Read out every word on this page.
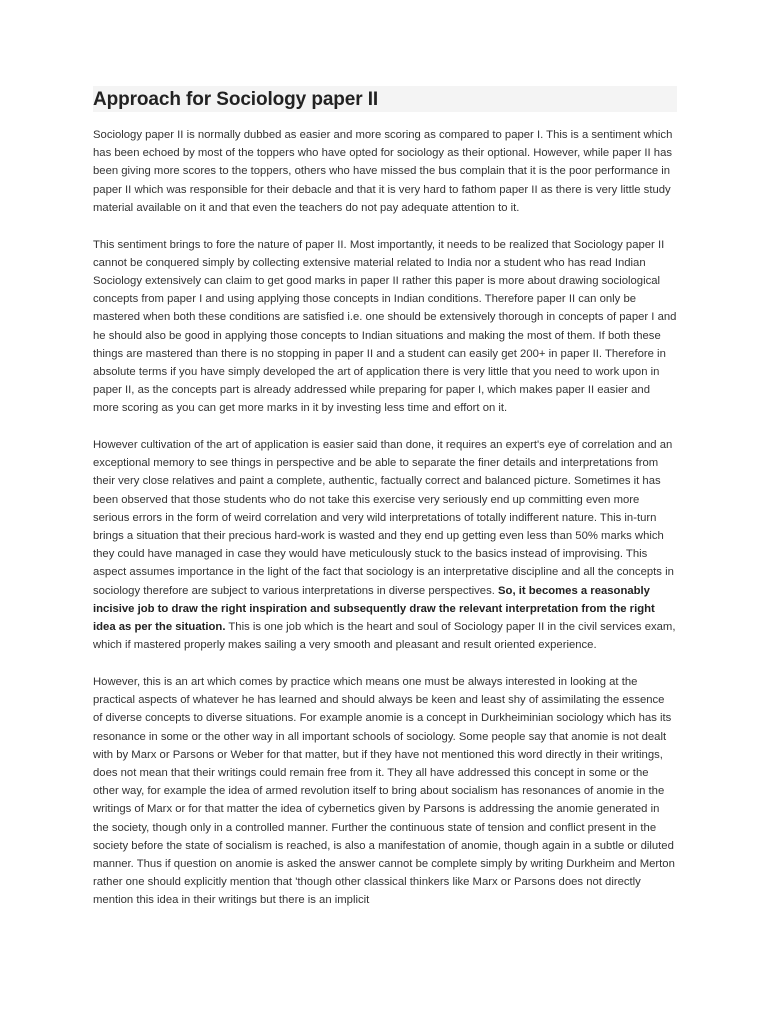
Approach for Sociology paper II

Sociology paper II is normally dubbed as easier and more scoring as compared to paper I. This is a sentiment which has been echoed by most of the toppers who have opted for sociology as their optional. However, while paper II has been giving more scores to the toppers, others who have missed the bus complain that it is the poor performance in paper II which was responsible for their debacle and that it is very hard to fathom paper II as there is very little study material available on it and that even the teachers do not pay adequate attention to it.

This sentiment brings to fore the nature of paper II. Most importantly, it needs to be realized that Sociology paper II cannot be conquered simply by collecting extensive material related to India nor a student who has read Indian Sociology extensively can claim to get good marks in paper II rather this paper is more about drawing sociological concepts from paper I and using applying those concepts in Indian conditions. Therefore paper II can only be mastered when both these conditions are satisfied i.e. one should be extensively thorough in concepts of paper I and he should also be good in applying those concepts to Indian situations and making the most of them. If both these things are mastered than there is no stopping in paper II and a student can easily get 200+ in paper II. Therefore in absolute terms if you have simply developed the art of application there is very little that you need to work upon in paper II, as the concepts part is already addressed while preparing for paper I, which makes paper II easier and more scoring as you can get more marks in it by investing less time and effort on it.

However cultivation of the art of application is easier said than done, it requires an expert's eye of correlation and an exceptional memory to see things in perspective and be able to separate the finer details and interpretations from their very close relatives and paint a complete, authentic, factually correct and balanced picture. Sometimes it has been observed that those students who do not take this exercise very seriously end up committing even more serious errors in the form of weird correlation and very wild interpretations of totally indifferent nature. This in-turn brings a situation that their precious hard-work is wasted and they end up getting even less than 50% marks which they could have managed in case they would have meticulously stuck to the basics instead of improvising. This aspect assumes importance in the light of the fact that sociology is an interpretative discipline and all the concepts in sociology therefore are subject to various interpretations in diverse perspectives. So, it becomes a reasonably incisive job to draw the right inspiration and subsequently draw the relevant interpretation from the right idea as per the situation. This is one job which is the heart and soul of Sociology paper II in the civil services exam, which if mastered properly makes sailing a very smooth and pleasant and result oriented experience.

However, this is an art which comes by practice which means one must be always interested in looking at the practical aspects of whatever he has learned and should always be keen and least shy of assimilating the essence of diverse concepts to diverse situations. For example anomie is a concept in Durkheiminian sociology which has its resonance in some or the other way in all important schools of sociology. Some people say that anomie is not dealt with by Marx or Parsons or Weber for that matter, but if they have not mentioned this word directly in their writings, does not mean that their writings could remain free from it. They all have addressed this concept in some or the other way, for example the idea of armed revolution itself to bring about socialism has resonances of anomie in the writings of Marx or for that matter the idea of cybernetics given by Parsons is addressing the anomie generated in the society, though only in a controlled manner. Further the continuous state of tension and conflict present in the society before the state of socialism is reached, is also a manifestation of anomie, though again in a subtle or diluted manner. Thus if question on anomie is asked the answer cannot be complete simply by writing Durkheim and Merton rather one should explicitly mention that 'though other classical thinkers like Marx or Parsons does not directly mention this idea in their writings but there is an implicit
